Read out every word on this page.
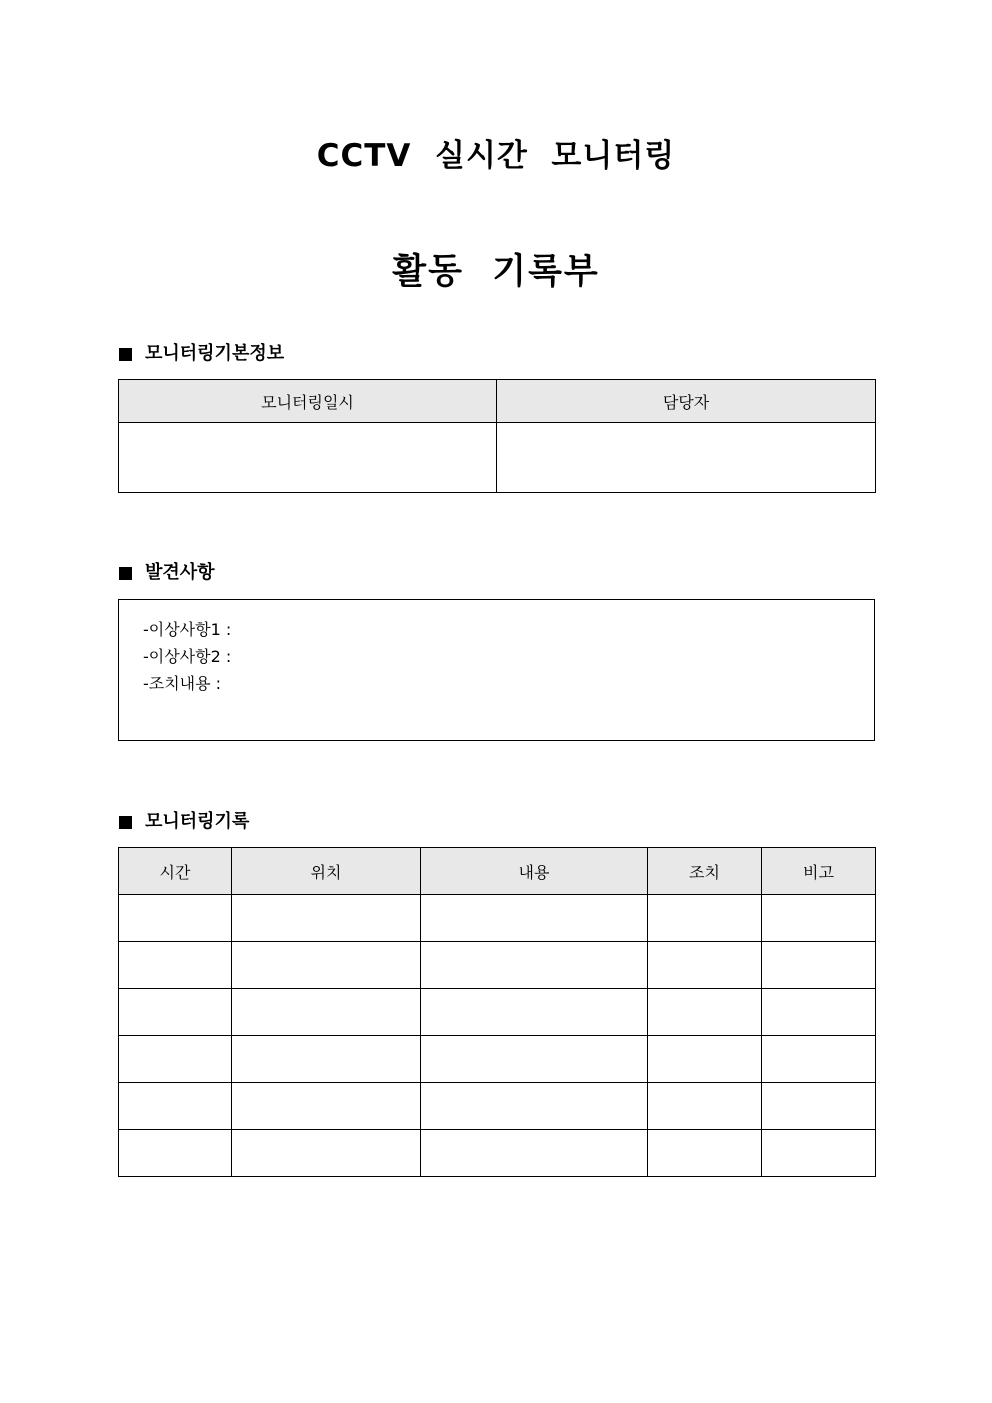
CCTV  실시간  모니터링
활동  기록부
모니터링기본정보
모니터링일시	담당자

발견사항
-이상사항1 :
-이상사항2 :
-조치내용 :
모니터링기록
시간	위치	내용	조치	비고
